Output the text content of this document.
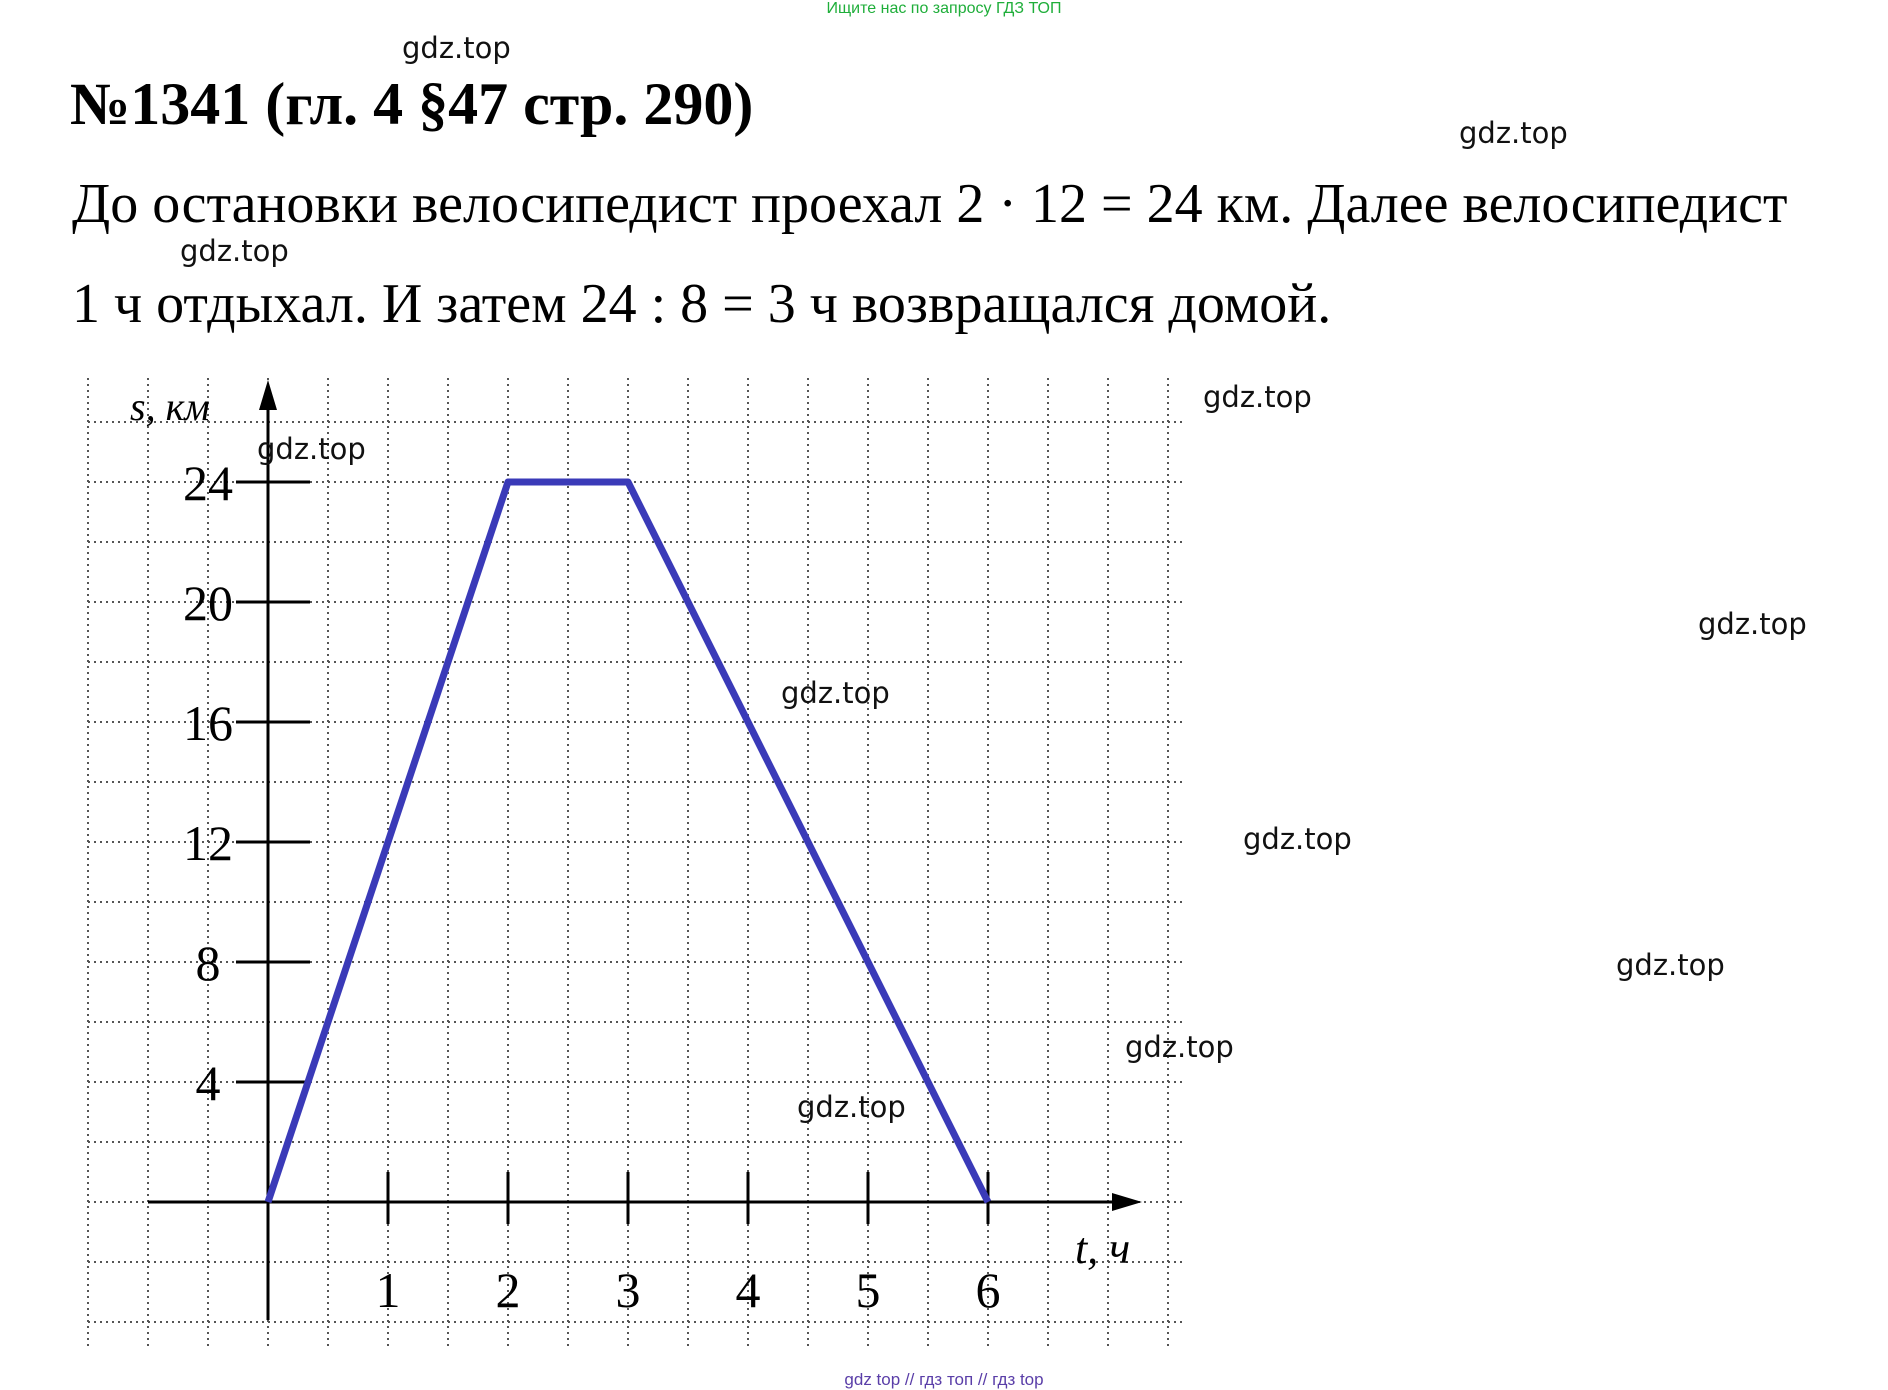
Ищите нас по запросу ГДЗ ТОП
№1341 (гл. 4 §47 стр. 290)
До остановки велосипедист проехал 2 · 12 = 24 км. Далее велосипедист
1 ч отдыхал. И затем 24 : 8 = 3 ч возвращался домой.
1 2 3 4 5 6
4
8
12
16
20
24
s, км
t, ч
gdz.top
gdz.top
gdz.top
gdz.top
gdz.top
gdz.top
gdz.top
gdz.top
gdz.top
gdz.top
gdz.top
gdz top // гдз топ // гдз top
